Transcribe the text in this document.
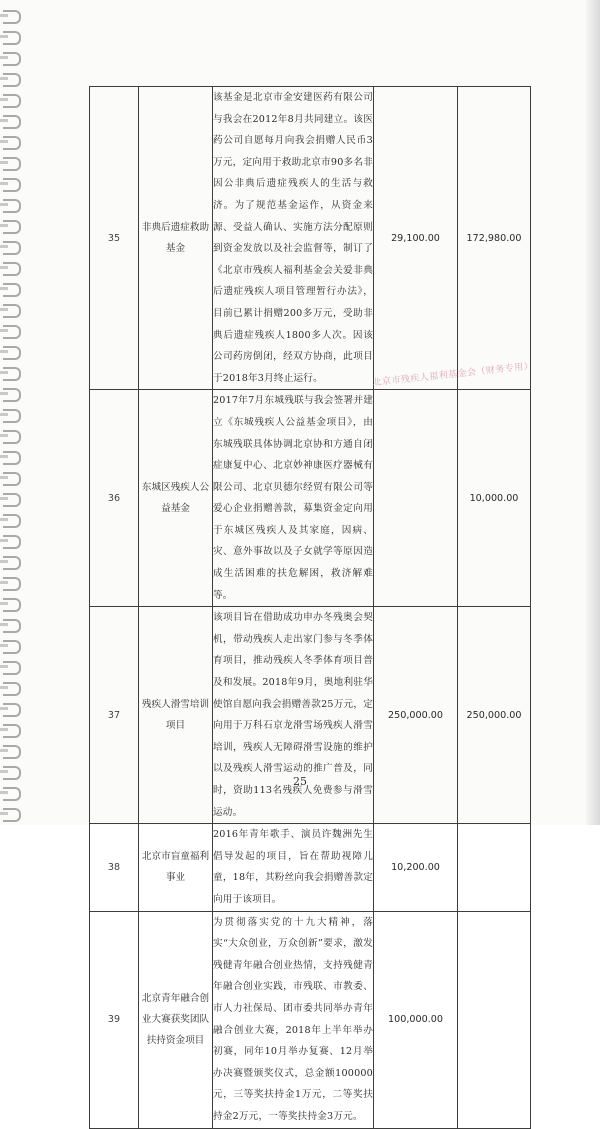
35	非典后遗症救助基金	该基金是北京市金安建医药有限公司与我会在2012年8月共同建立。该医药公司自愿每月向我会捐赠人民币3万元，定向用于救助北京市90多名非因公非典后遗症残疾人的生活与救济。为了规范基金运作，从资金来源、受益人确认、实施方法分配原则到资金发放以及社会监督等，制订了《北京市残疾人福利基金会关爱非典后遗症残疾人项目管理暂行办法》，目前已累计捐赠200多万元，受助非典后遗症残疾人1800多人次。因该公司药房倒闭，经双方协商，此项目于2018年3月终止运行。	29,100.00	172,980.00
36	东城区残疾人公益基金	2017年7月东城残联与我会签署并建立《东城残疾人公益基金项目》，由东城残联具体协调北京协和方通自闭症康复中心、北京妙神康医疗器械有限公司、北京贝德尔经贸有限公司等爱心企业捐赠善款，募集资金定向用于东城区残疾人及其家庭，因病、灾、意外事故以及子女就学等原因造成生活困难的扶危解困，救济解难等。		10,000.00
37	残疾人滑雪培训项目	该项目旨在借助成功申办冬残奥会契机，带动残疾人走出家门参与冬季体育项目，推动残疾人冬季体育项目普及和发展。2018年9月，奥地利驻华使馆自愿向我会捐赠善款25万元，定向用于万科石京龙滑雪场残疾人滑雪培训，残疾人无障碍滑雪设施的维护以及残疾人滑雪运动的推广普及，同时，资助113名残疾人免费参与滑雪运动。	250,000.00	250,000.00
38	北京市盲童福利事业	2016年青年歌手、演员许魏洲先生倡导发起的项目，旨在帮助视障儿童，18年，其粉丝向我会捐赠善款定向用于该项目。	10,200.00	
39	北京青年融合创业大赛获奖团队扶持资金项目	为贯彻落实党的十九大精神，落实“大众创业，万众创新”要求，激发残健青年融合创业热情，支持残健青年融合创业实践，市残联、市教委、市人力社保局、团市委共同举办青年融合创业大赛，2018年上半年举办初赛，同年10月举办复赛、12月举办决赛暨颁奖仪式，总金额100000元，三等奖扶持金1万元，二等奖扶持金2万元，一等奖扶持金3万元。	100,000.00	
北京市残疾人福利基金会（财务专用）
25
